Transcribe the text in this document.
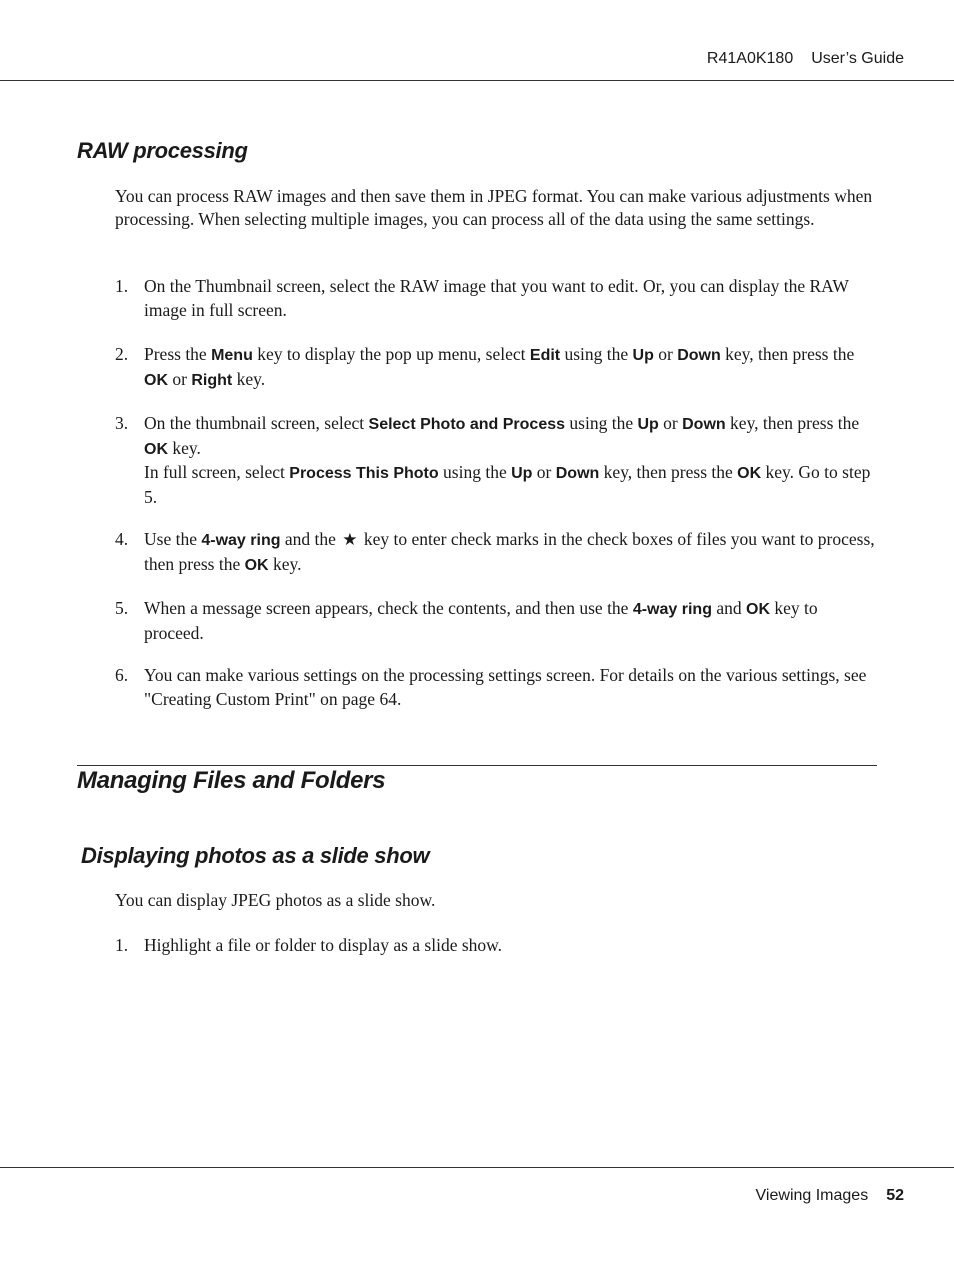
R41A0K180 User’s Guide
RAW processing

You can process RAW images and then save them in JPEG format. You can make various adjustments when processing. When selecting multiple images, you can process all of the data using the same settings.

1. On the Thumbnail screen, select the RAW image that you want to edit. Or, you can display the RAW image in full screen.
2. Press the Menu key to display the pop up menu, select Edit using the Up or Down key, then press the OK or Right key.
3. On the thumbnail screen, select Select Photo and Process using the Up or Down key, then press the OK key.
In full screen, select Process This Photo using the Up or Down key, then press the OK key. Go to step 5.
4. Use the 4-way ring and the ★ key to enter check marks in the check boxes of files you want to process, then press the OK key.
5. When a message screen appears, check the contents, and then use the 4-way ring and OK key to proceed.
6. You can make various settings on the processing settings screen. For details on the various settings, see "Creating Custom Print" on page 64.
Managing Files and Folders
Displaying photos as a slide show

You can display JPEG photos as a slide show.

1. Highlight a file or folder to display as a slide show.
Viewing Images 52
